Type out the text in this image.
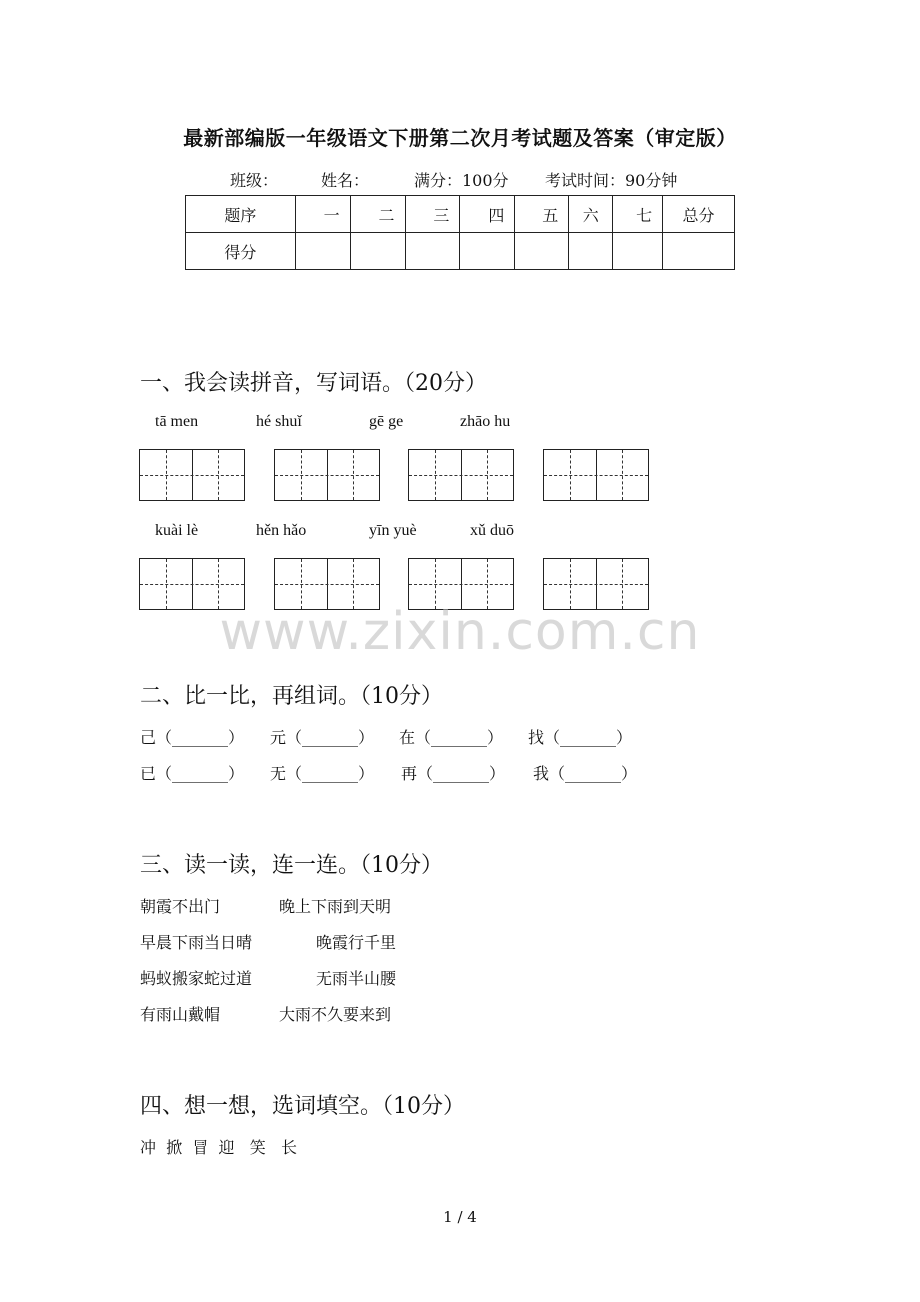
最新部编版一年级语文下册第二次月考试题及答案（审定版）
班级：	姓名：	满分：100分 考试时间：90分钟
题序	一	二	三	四	五	六	七	总分
得分								
一、我会读拼音，写词语。（20分）
tā men	hé shuǐ	gē ge	zhāo hu
kuài lè	hěn hǎo	yīn yuè	xǔ duō
www.zixin.com.cn
二、比一比，再组词。（10分）
己（_______） 元（_______） 在（_______） 找（_______）
已（_______） 无（_______） 再（_______） 我（_______）
三、读一读，连一连。（10分）
朝霞不出门	晚上下雨到天明
早晨下雨当日晴	晚霞行千里
蚂蚁搬家蛇过道	无雨半山腰
有雨山戴帽	大雨不久要来到
四、想一想，选词填空。（10分）
冲  掀  冒  迎   笑   长
1 / 4
